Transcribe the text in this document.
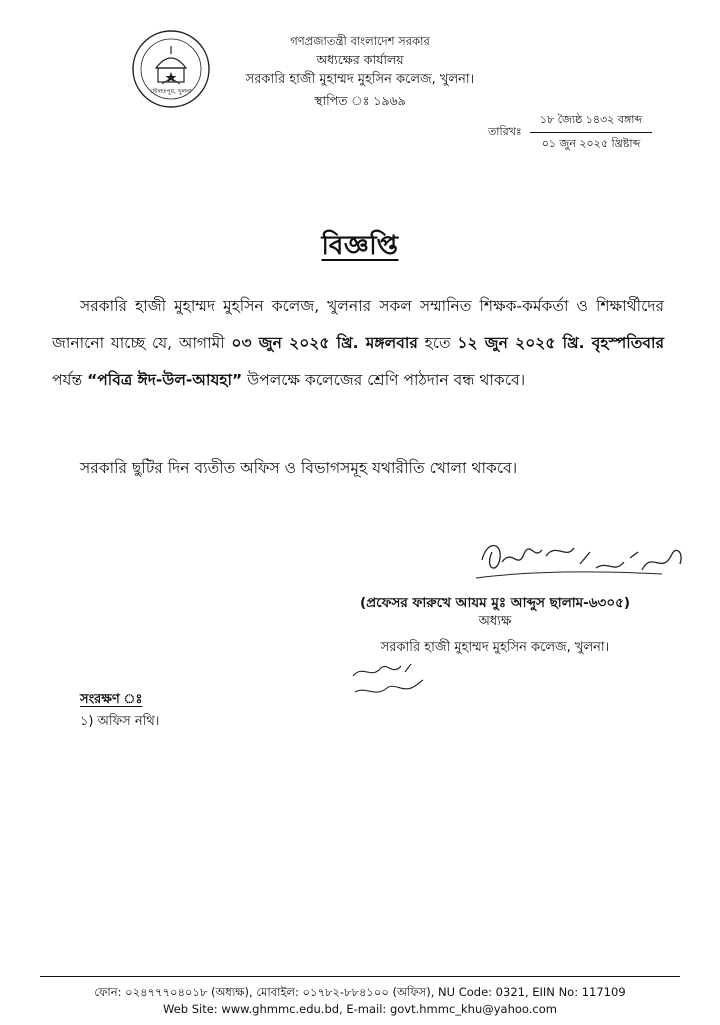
দৌলতপুর, খুলনা
গণপ্রজাতন্ত্রী বাংলাদেশ সরকার
অধ্যক্ষের কার্যালয়
সরকারি হাজী মুহাম্মদ মুহসিন কলেজ, খুলনা।
স্থাপিত ঃ ১৯৬৯
তারিখঃ
১৮ জ্যৈষ্ঠ ১৪৩২ বঙ্গাব্দ
০১ জুন ২০২৫ খ্রিষ্টাব্দ
বিজ্ঞপ্তি
সরকারি হাজী মুহাম্মদ মুহসিন কলেজ, খুলনার সকল সম্মানিত শিক্ষক-কর্মকর্তা ও শিক্ষার্থীদের জানানো যাচ্ছে যে, আগামী ০৩ জুন ২০২৫ খ্রি. মঙ্গলবার হতে ১২ জুন ২০২৫ খ্রি. বৃহস্পতিবার পর্যন্ত “পবিত্র ঈদ-উল-আযহা” উপলক্ষে কলেজের শ্রেণি পাঠদান বন্ধ থাকবে।
সরকারি ছুটির দিন ব্যতীত অফিস ও বিভাগসমূহ যথারীতি খোলা থাকবে।
(প্রফেসর ফারুখে আযম মুঃ আব্দুস ছালাম-৬৩০৫)
অধ্যক্ষ
সরকারি হাজী মুহাম্মদ মুহসিন কলেজ, খুলনা।
সংরক্ষণ ঃ
১) অফিস নথি।
ফোন: ০২৪৭৭৭০৪০১৮ (অধ্যক্ষ), মোবাইল: ০১৭৮২-৮৮৪১০০ (অফিস), NU Code: 0321, EIIN No: 117109
Web Site: www.ghmmc.edu.bd, E-mail: govt.hmmc_khu@yahoo.com
